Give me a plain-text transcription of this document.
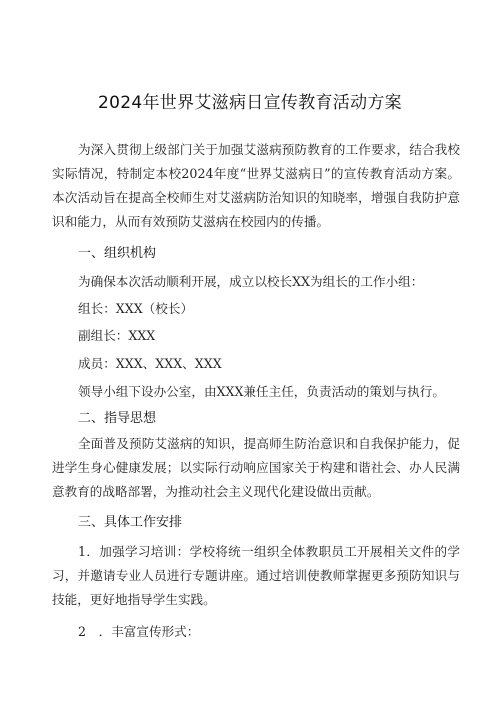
2024年世界艾滋病日宣传教育活动方案
为深入贯彻上级部门关于加强艾滋病预防教育的工作要求，结合我校实际情况，特制定本校2024年度“世界艾滋病日”的宣传教育活动方案。本次活动旨在提高全校师生对艾滋病防治知识的知晓率，增强自我防护意识和能力，从而有效预防艾滋病在校园内的传播。
一、组织机构
为确保本次活动顺利开展，成立以校长XX为组长的工作小组：
组长：XXX（校长）
副组长：XXX
成员：XXX、XXX、XXX
领导小组下设办公室，由XXX兼任主任，负责活动的策划与执行。
二、指导思想
全面普及预防艾滋病的知识，提高师生防治意识和自我保护能力，促进学生身心健康发展；以实际行动响应国家关于构建和谐社会、办人民满意教育的战略部署，为推动社会主义现代化建设做出贡献。
三、具体工作安排
1．加强学习培训：学校将统一组织全体教职员工开展相关文件的学习，并邀请专业人员进行专题讲座。通过培训使教师掌握更多预防知识与技能，更好地指导学生实践。
2　．丰富宣传形式：
